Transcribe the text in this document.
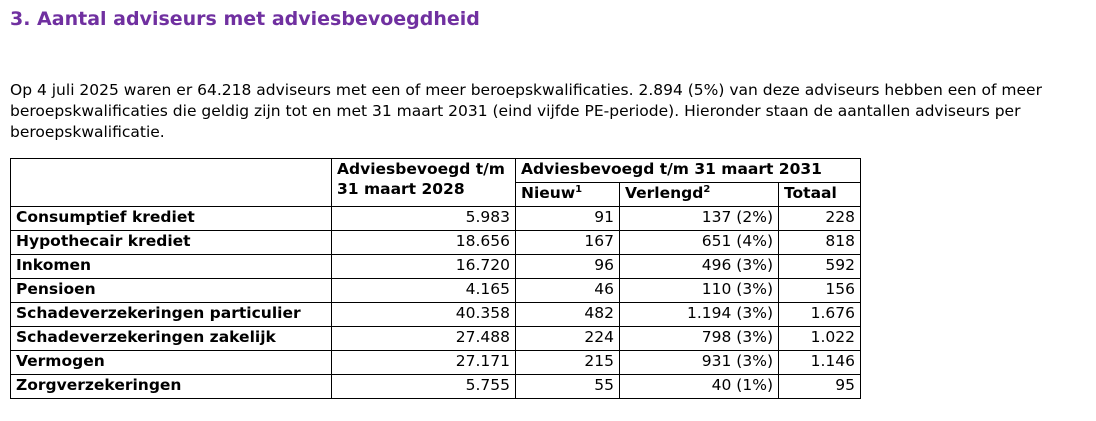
3. Aantal adviseurs met adviesbevoegdheid

Op 4 juli 2025 waren er 64.218 adviseurs met een of meer beroepskwalificaties. 2.894 (5%) van deze adviseurs hebben een of meer beroepskwalificaties die geldig zijn tot en met 31 maart 2031 (eind vijfde PE-periode). Hieronder staan de aantallen adviseurs per beroepskwalificatie.

	Adviesbevoegd t/m 31 maart 2028	Adviesbevoegd t/m 31 maart 2031		
		Nieuw$^1$	Verlengd$^2$	Totaal
Consumptief krediet	5.983	91	137 (2%)	228
Hypothecair krediet	18.656	167	651 (4%)	818
Inkomen	16.720	96	496 (3%)	592
Pensioen	4.165	46	110 (3%)	156
Schadeverzekeringen particulier	40.358	482	1.194 (3%)	1.676
Schadeverzekeringen zakelijk	27.488	224	798 (3%)	1.022
Vermogen	27.171	215	931 (3%)	1.146
Zorgverzekeringen	5.755	55	40 (1%)	95
